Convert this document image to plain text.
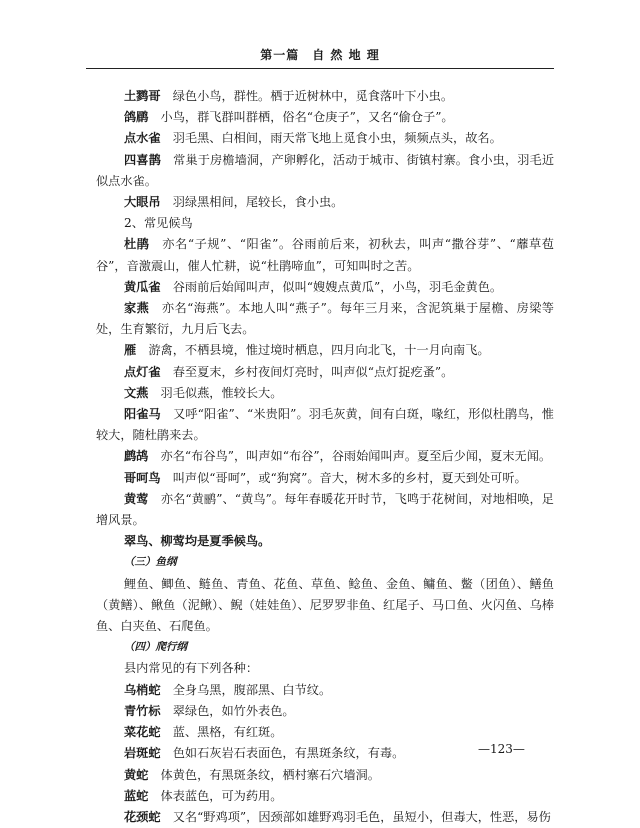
第一篇　自 然 地 理

土鹨哥　绿色小鸟，群性。栖于近树林中，觅食落叶下小虫。

鸽鹛　小鸟，群飞群叫群栖，俗名“仓庚子”，又名“偷仓子”。

点水雀　羽毛黑、白相间，雨天常飞地上觅食小虫，频频点头，故名。

四喜鹊　常巢于房檐墙洞，产卵孵化，活动于城市、街镇村寨。食小虫，羽毛近似点水雀。

大眼吊　羽绿黑相间，尾较长，食小虫。

2、常见候鸟

杜鹃　亦名“子规”、“阳雀”。谷雨前后来，初秋去，叫声“撒谷芽”、“蘼草苞谷”，音激震山，催人忙耕，说“杜鹃啼血”，可知叫时之苦。

黄瓜雀　谷雨前后始闻叫声，似叫“嫂嫂点黄瓜”，小鸟，羽毛金黄色。

家燕　亦名“海燕”。本地人叫“燕子”。每年三月来，含泥筑巢于屋檐、房梁等处，生育繁衍，九月后飞去。

雁　游禽，不栖县境，惟过境时栖息，四月向北飞，十一月向南飞。

点灯雀　春至夏末，乡村夜间灯亮时，叫声似“点灯捉疙蚤”。

文燕　羽毛似燕，惟较长大。

阳雀马　又呼“阳雀”、“米贵阳”。羽毛灰黄，间有白斑，喙红，形似杜鹃鸟，惟较大，随杜鹃来去。

鹧鸪　亦名“布谷鸟”，叫声如“布谷”，谷雨始闻叫声。夏至后少闻，夏末无闻。

哥呵鸟　叫声似“哥呵”，或“狗窝”。音大，树木多的乡村，夏天到处可听。

黄莺　亦名“黄鹂”、“黄鸟”。每年春暖花开时节，飞鸣于花树间，对地相唤，足增风景。

翠鸟、柳莺均是夏季候鸟。

（三）鱼纲

鲤鱼、鲫鱼、鲢鱼、青鱼、花鱼、草鱼、鲶鱼、金鱼、鳙鱼、鳖（团鱼）、鳝鱼（黄鳝）、鳅鱼（泥鳅）、鲵（娃娃鱼）、尼罗罗非鱼、红尾子、马口鱼、火闪鱼、乌棒鱼、白夹鱼、石爬鱼。

（四）爬行纲

县内常见的有下列各种：

乌梢蛇　全身乌黑，腹部黑、白节纹。

青竹标　翠绿色，如竹外表色。

菜花蛇　蓝、黑格，有红斑。

岩斑蛇　色如石灰岩石表面色，有黑斑条纹，有毒。

黄蛇　体黄色，有黑斑条纹，栖村寨石穴墙洞。

蓝蛇　体表蓝色，可为药用。

花颈蛇　又名“野鸡项”，因颈部如雄野鸡羽毛色，虽短小，但毒大，性恶，易伤

—123—
